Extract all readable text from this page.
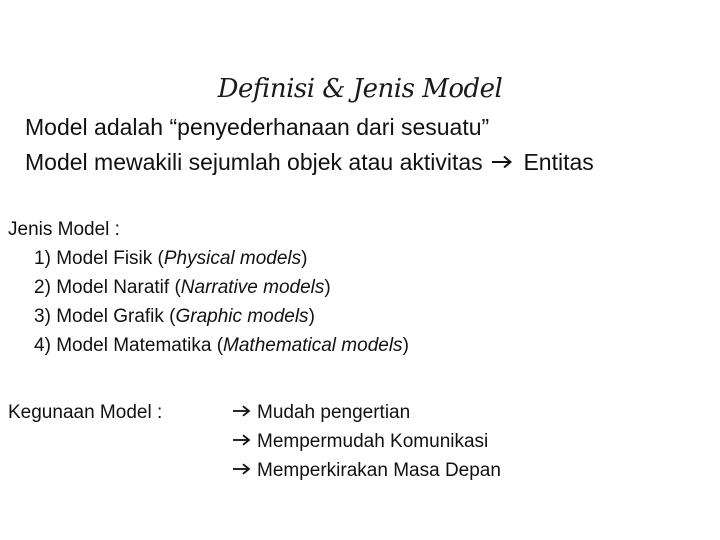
Definisi & Jenis Model
Model adalah “penyederhanaan dari sesuatu”
Model mewakili sejumlah objek atau aktivitas Entitas
Jenis Model :
1) Model Fisik (Physical models)
2) Model Naratif (Narrative models)
3) Model Grafik (Graphic models)
4) Model Matematika (Mathematical models)
Kegunaan Model :	Mudah pengertian
Mempermudah Komunikasi
Memperkirakan Masa Depan
